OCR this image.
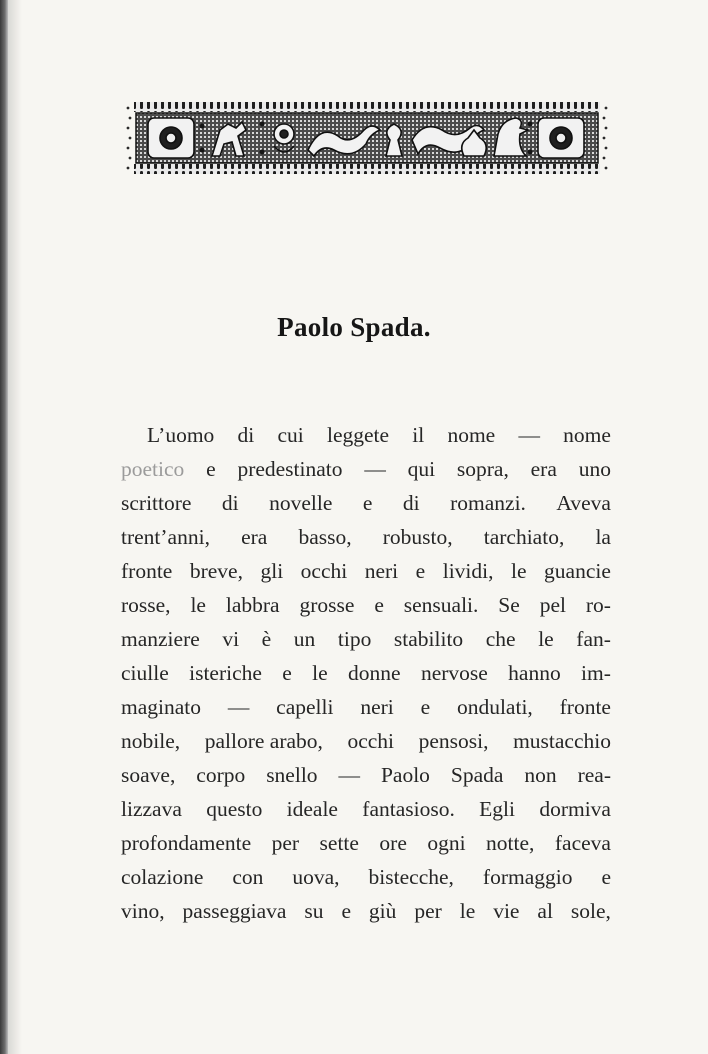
Paolo Spada.
L’uomo di cui leggete il nome — nome
poetico e predestinato — qui sopra, era uno
scrittore di novelle e di romanzi. Aveva
trent’anni, era basso, robusto, tarchiato, la
fronte breve, gli occhi neri e lividi, le guancie
rosse, le labbra grosse e sensuali. Se pel ro-
manziere vi è un tipo stabilito che le fan-
ciulle isteriche e le donne nervose hanno im-
maginato — capelli neri e ondulati, fronte
nobile, pallore arabo, occhi pensosi, mustacchio
soave, corpo snello — Paolo Spada non rea-
lizzava questo ideale fantasioso. Egli dormiva
profondamente per sette ore ogni notte, faceva
colazione con uova, bistecche, formaggio e
vino, passeggiava su e giù per le vie al sole,
